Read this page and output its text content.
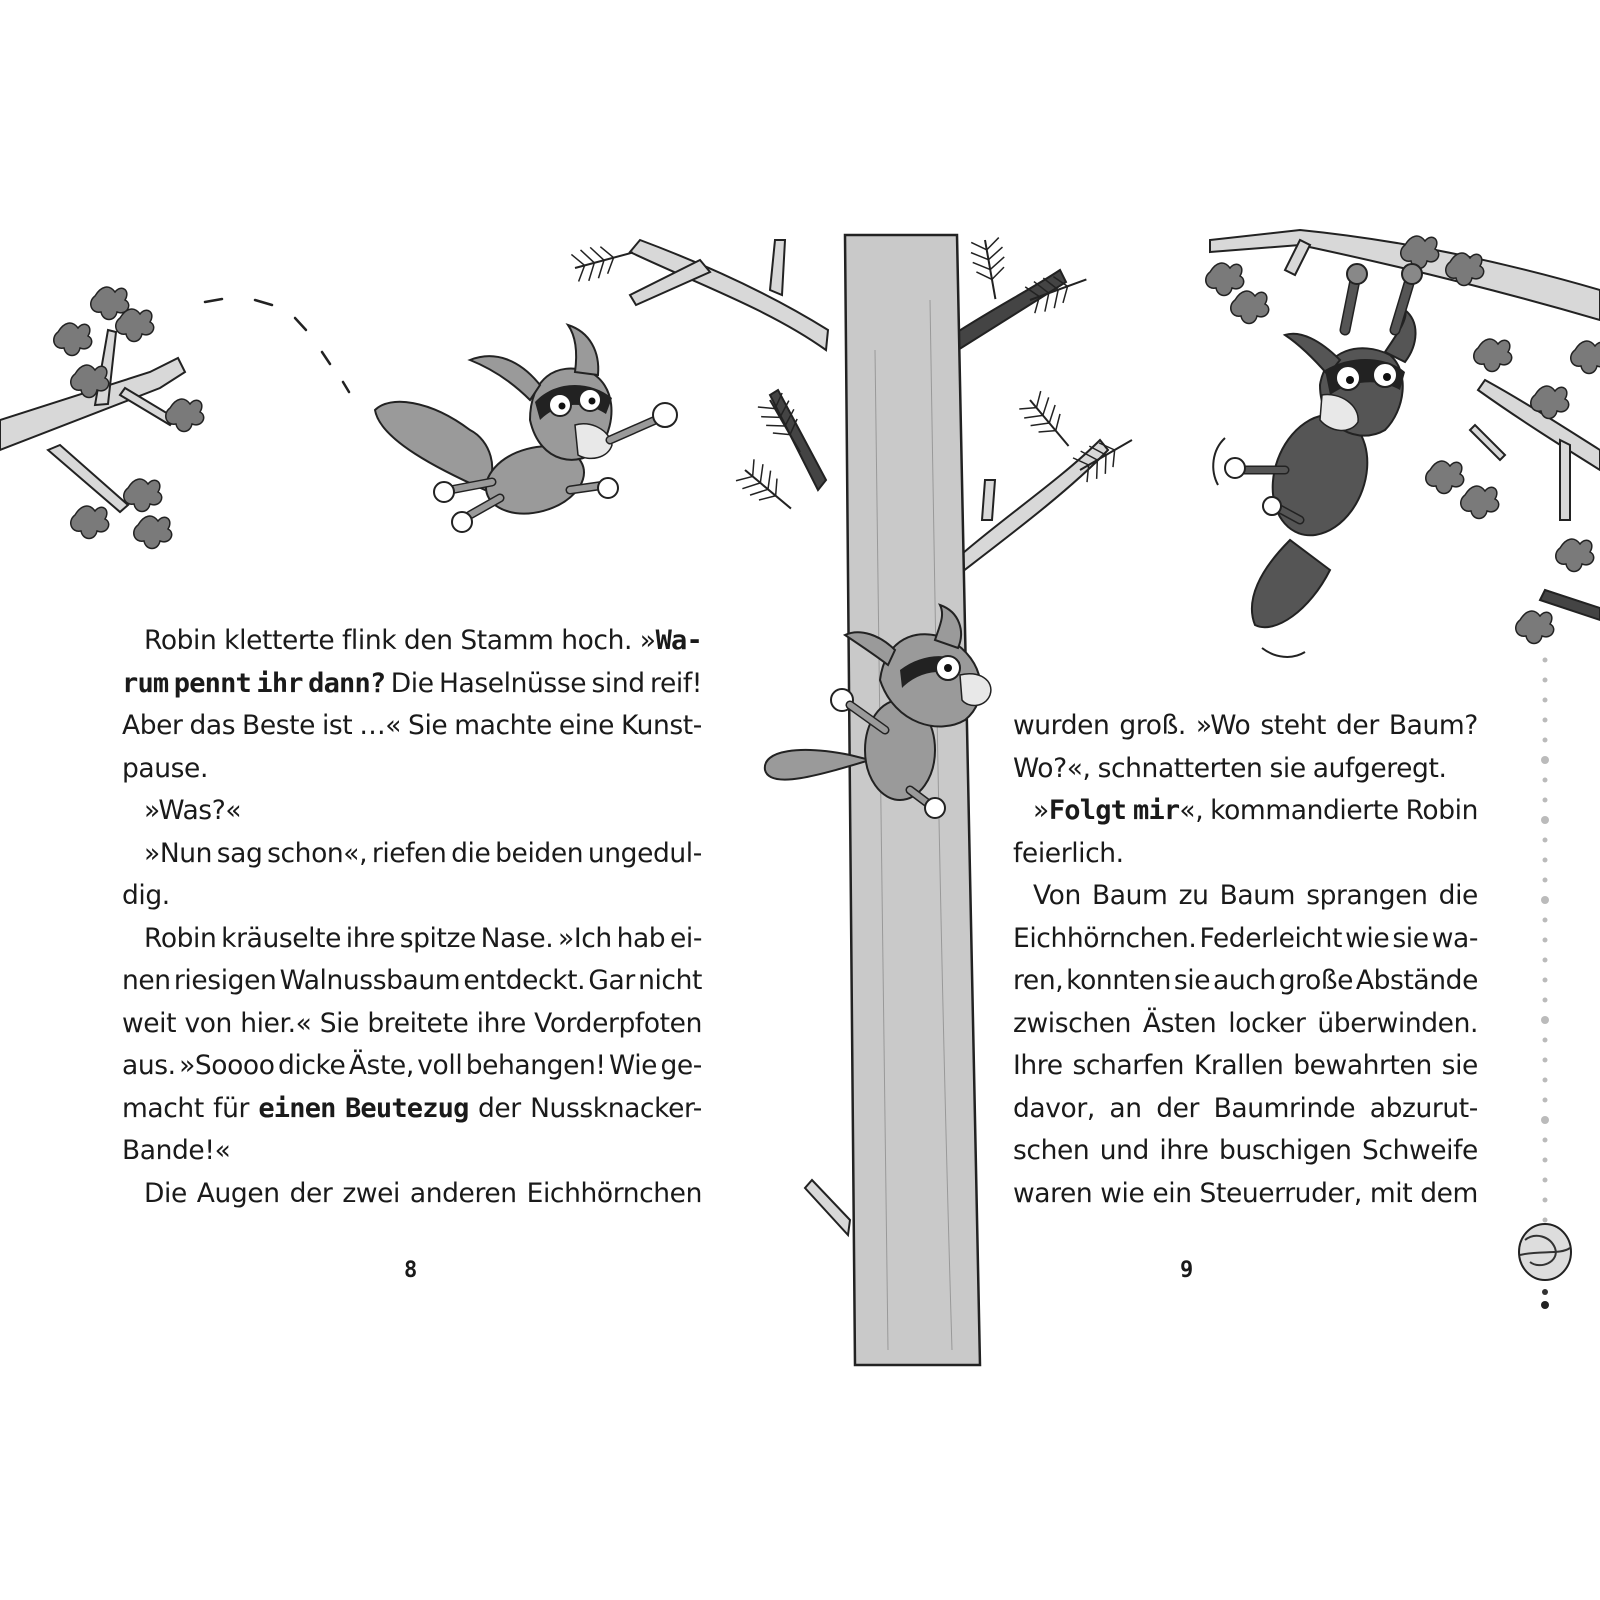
Robin kletterte flink den Stamm hoch. »Wa-
rum pennt ihr dann? Die Haselnüsse sind reif!
Aber das Beste ist …« Sie machte eine Kunst-
pause.
»Was?«
»Nun sag schon«, riefen die beiden ungedul-
dig.
Robin kräuselte ihre spitze Nase. »Ich hab ei-
nen riesigen Walnussbaum entdeckt. Gar nicht
weit von hier.« Sie breitete ihre Vorderpfoten
aus. »Soooo dicke Äste, voll behangen! Wie ge-
macht für einen Beutezug der Nussknacker-
Bande!«
Die Augen der zwei anderen Eichhörnchen
wurden groß. »Wo steht der Baum?
Wo?«, schnatterten sie aufgeregt.
»Folgt mir«, kommandierte Robin
feierlich.
Von Baum zu Baum sprangen die
Eichhörnchen. Federleicht wie sie wa-
ren, konnten sie auch große Abstände
zwischen Ästen locker überwinden.
Ihre scharfen Krallen bewahrten sie
davor, an der Baumrinde abzurut-
schen und ihre buschigen Schweife
waren wie ein Steuerruder, mit dem
8	9
